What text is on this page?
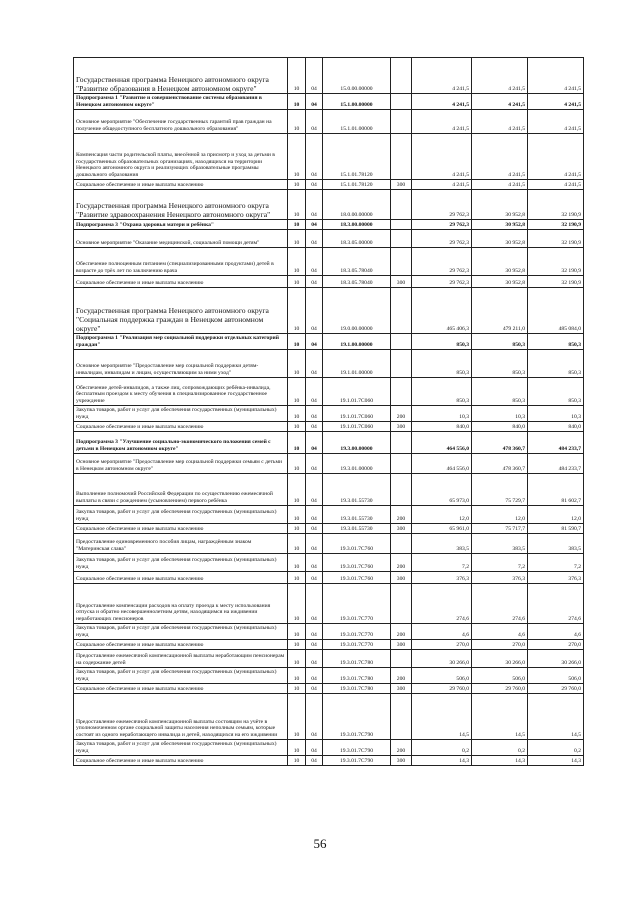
Государственная программа Ненецкого автономного округа "Развитие образования в Ненецком автономном округе"	10	04	15.0.00.00000		4 241,5	4 241,5	4 241,5
Подпрограмма 1 "Развитие и совершенствование системы образования в Ненецком автономном округе"	10	04	15.1.00.00000		4 241,5	4 241,5	4 241,5
Основное мероприятие "Обеспечение государственных гарантий прав граждан на получение общедоступного бесплатного дошкольного образования"	10	04	15.1.01.00000		4 241,5	4 241,5	4 241,5
Компенсация части родительской платы, внесённой за присмотр и уход за детьми в государственных образовательных организациях, находящихся на территории Ненецкого автономного округа и реализующих образовательные программы дошкольного образования	10	04	15.1.01.78120		4 241,5	4 241,5	4 241,5
Социальное обеспечение и иные выплаты населению	10	04	15.1.01.78120	300	4 241,5	4 241,5	4 241,5
Государственная программа Ненецкого автономного округа "Развитие здравоохранения Ненецкого автономного округа"	10	04	18.0.00.00000		29 762,3	30 952,8	32 190,9
Подпрограмма 3 "Охрана здоровья матери и ребёнка"	10	04	18.3.00.00000		29 762,3	30 952,8	32 190,9
Основное мероприятие "Оказание медицинской, социальной помощи детям"	10	04	18.3.05.00000		29 762,3	30 952,8	32 190,9
Обеспечение полноценным питанием (специализированными продуктами) детей в возрасте до трёх лет по заключению врача	10	04	18.3.05.78040		29 762,3	30 952,8	32 190,9
Социальное обеспечение и иные выплаты населению	10	04	18.3.05.78040	300	29 762,3	30 952,8	32 190,9
Государственная программа Ненецкого автономного округа "Социальная поддержка граждан в Ненецком автономном округе"	10	04	19.0.00.00000		465 406,3	479 211,0	485 084,0
Подпрограмма 1 "Реализация мер социальной поддержки отдельных категорий граждан"	10	04	19.1.00.00000		850,3	850,3	850,3
Основное мероприятие "Предоставление мер социальной поддержки детям-инвалидам, инвалидам и лицам, осуществляющим за ними уход"	10	04	19.1.01.00000		850,3	850,3	850,3
Обеспечение детей-инвалидов, а также лиц, сопровождающих ребёнка-инвалида, бесплатным проездом к месту обучения в специализированное государственное учреждение	10	04	19.1.01.7C060		850,3	850,3	850,3
Закупка товаров, работ и услуг для обеспечения государственных (муниципальных) нужд	10	04	19.1.01.7C060	200	10,3	10,3	10,3
Социальное обеспечение и иные выплаты населению	10	04	19.1.01.7C060	300	840,0	840,0	840,0
Подпрограмма 3 "Улучшение социально-экономического положения семей с детьми в Ненецком автономном округе"	10	04	19.3.00.00000		464 556,0	478 360,7	484 233,7
Основное мероприятие "Предоставление мер социальной поддержки семьям с детьми в Ненецком автономном округе"	10	04	19.3.01.00000		464 556,0	478 360,7	484 233,7
Выполнение полномочий Российской Федерации по осуществлению ежемесячной выплаты в связи с рождением (усыновлением) первого ребёнка	10	04	19.3.01.55730		65 973,0	75 729,7	81 602,7
Закупка товаров, работ и услуг для обеспечения государственных (муниципальных) нужд	10	04	19.3.01.55730	200	12,0	12,0	12,0
Социальное обеспечение и иные выплаты населению	10	04	19.3.01.55730	300	65 961,0	75 717,7	81 590,7
Предоставление единовременного пособия лицам, награждённым знаком "Материнская слава"	10	04	19.3.01.7C760		383,5	383,5	383,5
Закупка товаров, работ и услуг для обеспечения государственных (муниципальных) нужд	10	04	19.3.01.7C760	200	7,2	7,2	7,2
Социальное обеспечение и иные выплаты населению	10	04	19.3.01.7C760	300	376,3	376,3	376,3
Предоставление компенсации расходов на оплату проезда к месту использования отпуска и обратно несовершеннолетним детям, находящимся на иждивении неработающих пенсионеров	10	04	19.3.01.7C770		274,6	274,6	274,6
Закупка товаров, работ и услуг для обеспечения государственных (муниципальных) нужд	10	04	19.3.01.7C770	200	4,6	4,6	4,6
Социальное обеспечение и иные выплаты населению	10	04	19.3.01.7C770	300	270,0	270,0	270,0
Предоставление ежемесячной компенсационной выплаты неработающим пенсионерам на содержание детей	10	04	19.3.01.7C780		30 266,0	30 266,0	30 266,0
Закупка товаров, работ и услуг для обеспечения государственных (муниципальных) нужд	10	04	19.3.01.7C780	200	506,0	506,0	506,0
Социальное обеспечение и иные выплаты населению	10	04	19.3.01.7C780	300	29 760,0	29 760,0	29 760,0
Предоставление ежемесячной компенсационной выплаты состоящим на учёте в уполномоченном органе социальной защиты населения неполным семьям, которые состоят из одного неработающего инвалида и детей, находящихся на его иждивении	10	04	19.3.01.7C790		14,5	14,5	14,5
Закупка товаров, работ и услуг для обеспечения государственных (муниципальных) нужд	10	04	19.3.01.7C790	200	0,2	0,2	0,2
Социальное обеспечение и иные выплаты населению	10	04	19.3.01.7C790	300	14,3	14,3	14,3
56
